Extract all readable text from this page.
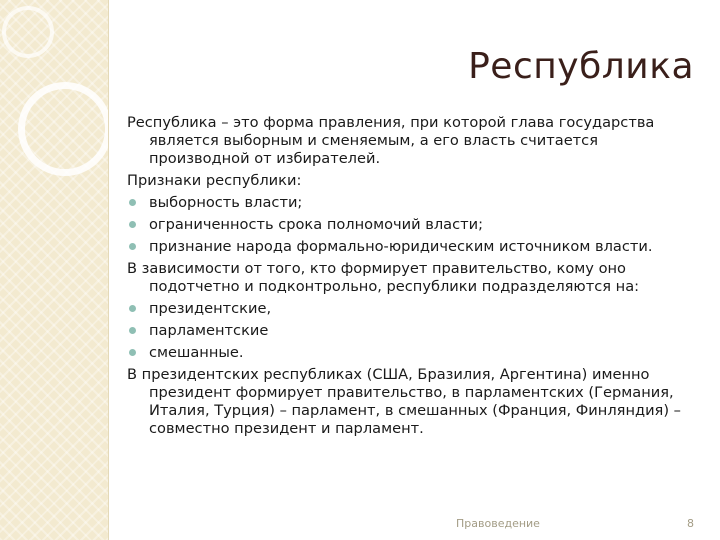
Республика

Республика – это форма правления, при которой глава государства является выборным и сменяемым, а его власть считается производной от избирателей.

Признаки республики:

выборность власти;
ограниченность срока полномочий власти;
признание народа формально-юридическим источником власти.

В зависимости от того, кто формирует правительство, кому оно подотчетно и подконтрольно, республики подразделяются на:

президентские,
парламентские
смешанные.

В президентских республиках (США, Бразилия, Аргентина) именно президент формирует правительство, в парламентских (Германия, Италия, Турция) – парламент, в смешанных (Франция, Финляндия) – совместно президент и парламент.

Правоведение	8
